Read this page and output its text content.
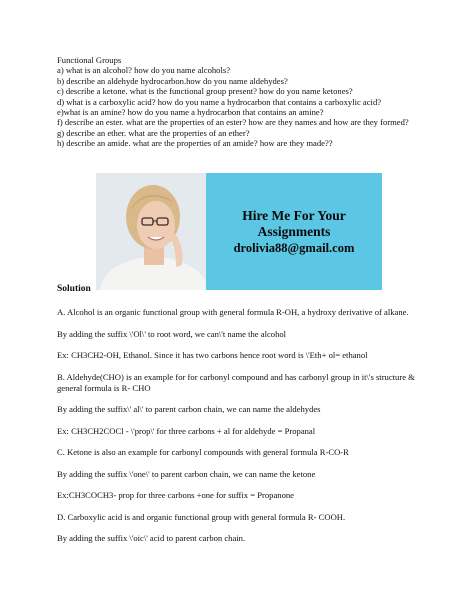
Functional Groups
a) what is an alcohol? how do you name alcohols?
b) describe an aldehyde hydrocarbon.how do you name aldehydes?
c) describe a ketone. what is the functional group present? how do you name ketones?
d) what is a carboxylic acid? how do you name a hydrocarbon that contains a carboxylic acid?
e)what is an amine? how do you name a hydrocarbon that contains an amine?
f) describe an ester. what are the properties of an ester? how are they names and how are they formed?
g) describe an ether. what are the properties of an ether?
h) describe an amide. what are the properties of an amide? how are they made??
Hire Me For Your
Assignments
drolivia88@gmail.com
Solution

A. Alcohol is an organic functional group with general formula R-OH, a hydroxy derivative of alkane.

By adding the suffix \'Ol\' to root word, we can\'t name the alcohol

Ex: CH3CH2-OH, Ethanol. Since it has two carbons hence root word is \'Eth+ ol= ethanol

B. Aldehyde(CHO) is an example for for carbonyl compound and has carbonyl group in it\'s structure & general formula is R- CHO

By adding the suffix\' al\' to parent carbon chain, we can name the aldehydes

Ex: CH3CH2COCl - \'prop\' for three carbons + al for aldehyde = Propanal

C. Ketone is also an example for carbonyl compounds with general formula R-CO-R

By adding the suffix \'one\' to parent carbon chain, we can name the ketone

Ex:CH3COCH3- prop for three carbons +one for suffix = Propanone

D. Carboxylic acid is and organic functional group with general formula R- COOH.

By adding the suffix \'oic\' acid to parent carbon chain.
